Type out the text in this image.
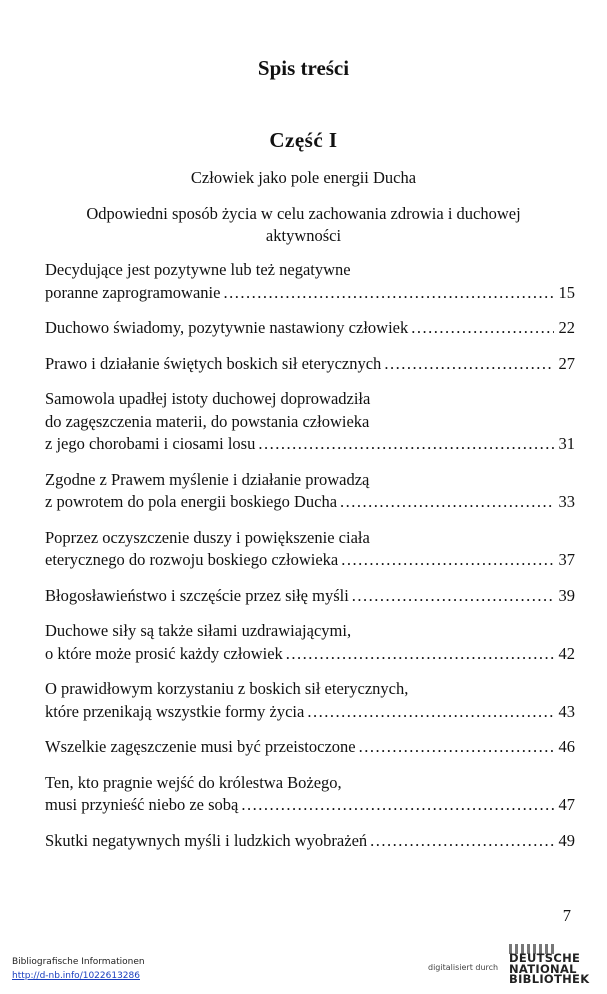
Spis treści
Część I
Człowiek jako pole energii Ducha
Odpowiedni sposób życia w celu zachowania zdrowia i duchowej aktywności
Decydujące jest pozytywne lub też negatywne
poranne zaprogramowanie .....	15
Duchowo świadomy, pozytywnie nastawiony człowiek .....	22
Prawo i działanie świętych boskich sił eterycznych .....	27
Samowola upadłej istoty duchowej doprowadziła
do zagęszczenia materii, do powstania człowieka
z jego chorobami i ciosami losu .....	31
Zgodne z Prawem myślenie i działanie prowadzą
z powrotem do pola energii boskiego Ducha .....	33
Poprzez oczyszczenie duszy i powiększenie ciała
eterycznego do rozwoju boskiego człowieka .....	37
Błogosławieństwo i szczęście przez siłę myśli .....	39
Duchowe siły są także siłami uzdrawiającymi,
o które może prosić każdy człowiek .....	42
O prawidłowym korzystaniu z boskich sił eterycznych,
które przenikają wszystkie formy życia .....	43
Wszelkie zagęszczenie musi być przeistoczone .....	46
Ten, kto pragnie wejść do królestwa Bożego,
musi przynieść niebo ze sobą .....	47
Skutki negatywnych myśli i ludzkich wyobrażeń .....	49
7
Bibliografische Informationen
http://d-nb.info/1022613286
digitalisiert durch
DEUTSCHE
NATIONAL
BIBLIOTHEK
